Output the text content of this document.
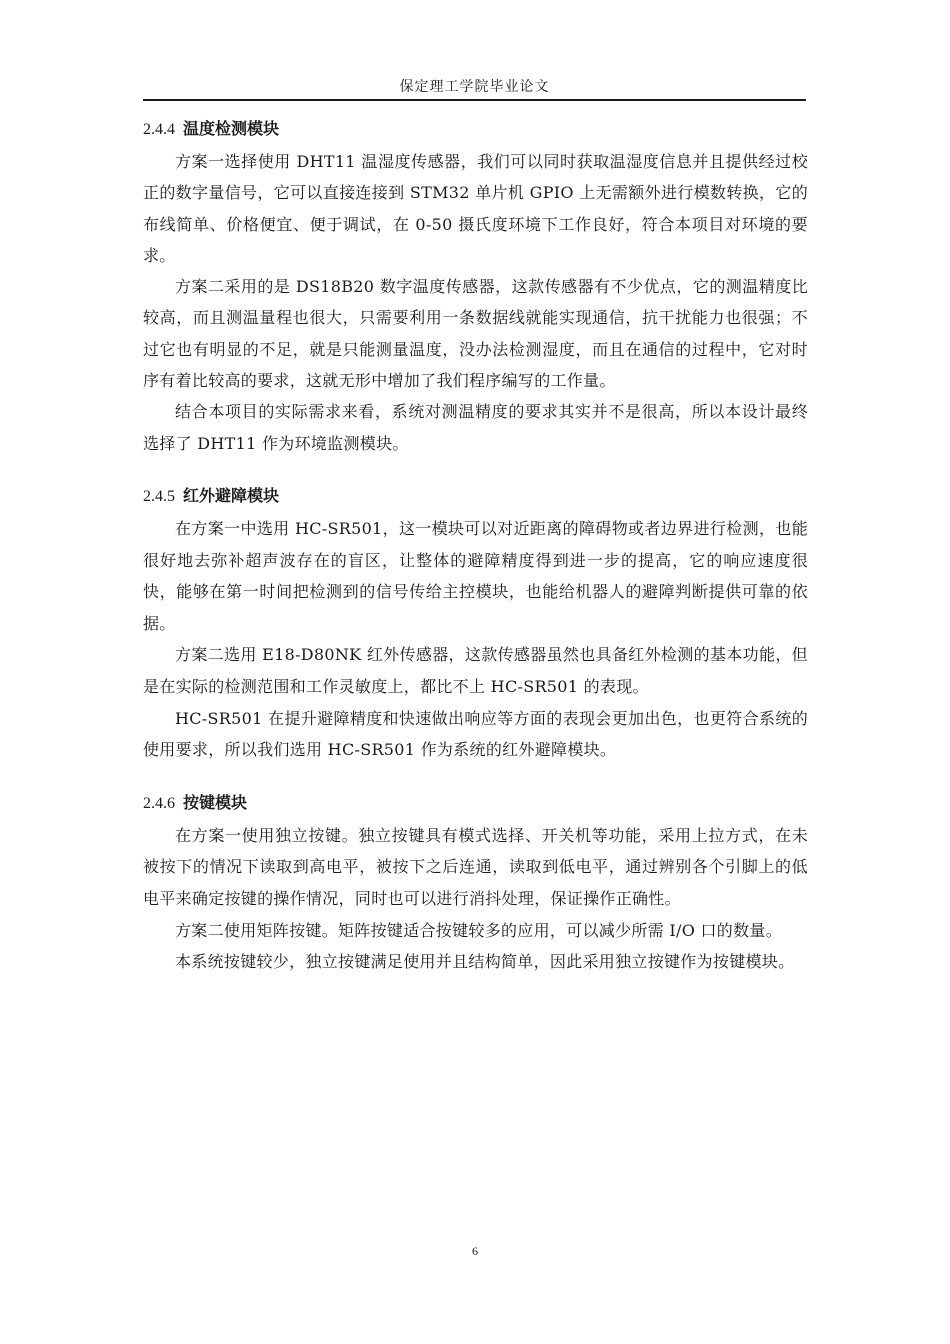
保定理工学院毕业论文
2.4.4 温度检测模块

方案一选择使用 DHT11 温湿度传感器，我们可以同时获取温湿度信息并且提供经过校正的数字量信号，它可以直接连接到 STM32 单片机 GPIO 上无需额外进行模数转换，它的布线简单、价格便宜、便于调试，在 0-50 摄氏度环境下工作良好，符合本项目对环境的要求。

方案二采用的是 DS18B20 数字温度传感器，这款传感器有不少优点，它的测温精度比较高，而且测温量程也很大，只需要利用一条数据线就能实现通信，抗干扰能力也很强；不过它也有明显的不足，就是只能测量温度，没办法检测湿度，而且在通信的过程中，它对时序有着比较高的要求，这就无形中增加了我们程序编写的工作量。

结合本项目的实际需求来看，系统对测温精度的要求其实并不是很高，所以本设计最终选择了 DHT11 作为环境监测模块。

2.4.5 红外避障模块

在方案一中选用 HC-SR501，这一模块可以对近距离的障碍物或者边界进行检测，也能很好地去弥补超声波存在的盲区，让整体的避障精度得到进一步的提高，它的响应速度很快，能够在第一时间把检测到的信号传给主控模块，也能给机器人的避障判断提供可靠的依据。

方案二选用 E18-D80NK 红外传感器，这款传感器虽然也具备红外检测的基本功能，但是在实际的检测范围和工作灵敏度上，都比不上 HC-SR501 的表现。

HC-SR501 在提升避障精度和快速做出响应等方面的表现会更加出色，也更符合系统的使用要求，所以我们选用 HC-SR501 作为系统的红外避障模块。

2.4.6 按键模块

在方案一使用独立按键。独立按键具有模式选择、开关机等功能，采用上拉方式，在未被按下的情况下读取到高电平，被按下之后连通，读取到低电平，通过辨别各个引脚上的低电平来确定按键的操作情况，同时也可以进行消抖处理，保证操作正确性。

方案二使用矩阵按键。矩阵按键适合按键较多的应用，可以减少所需 I/O 口的数量。

本系统按键较少，独立按键满足使用并且结构简单，因此采用独立按键作为按键模块。

6
